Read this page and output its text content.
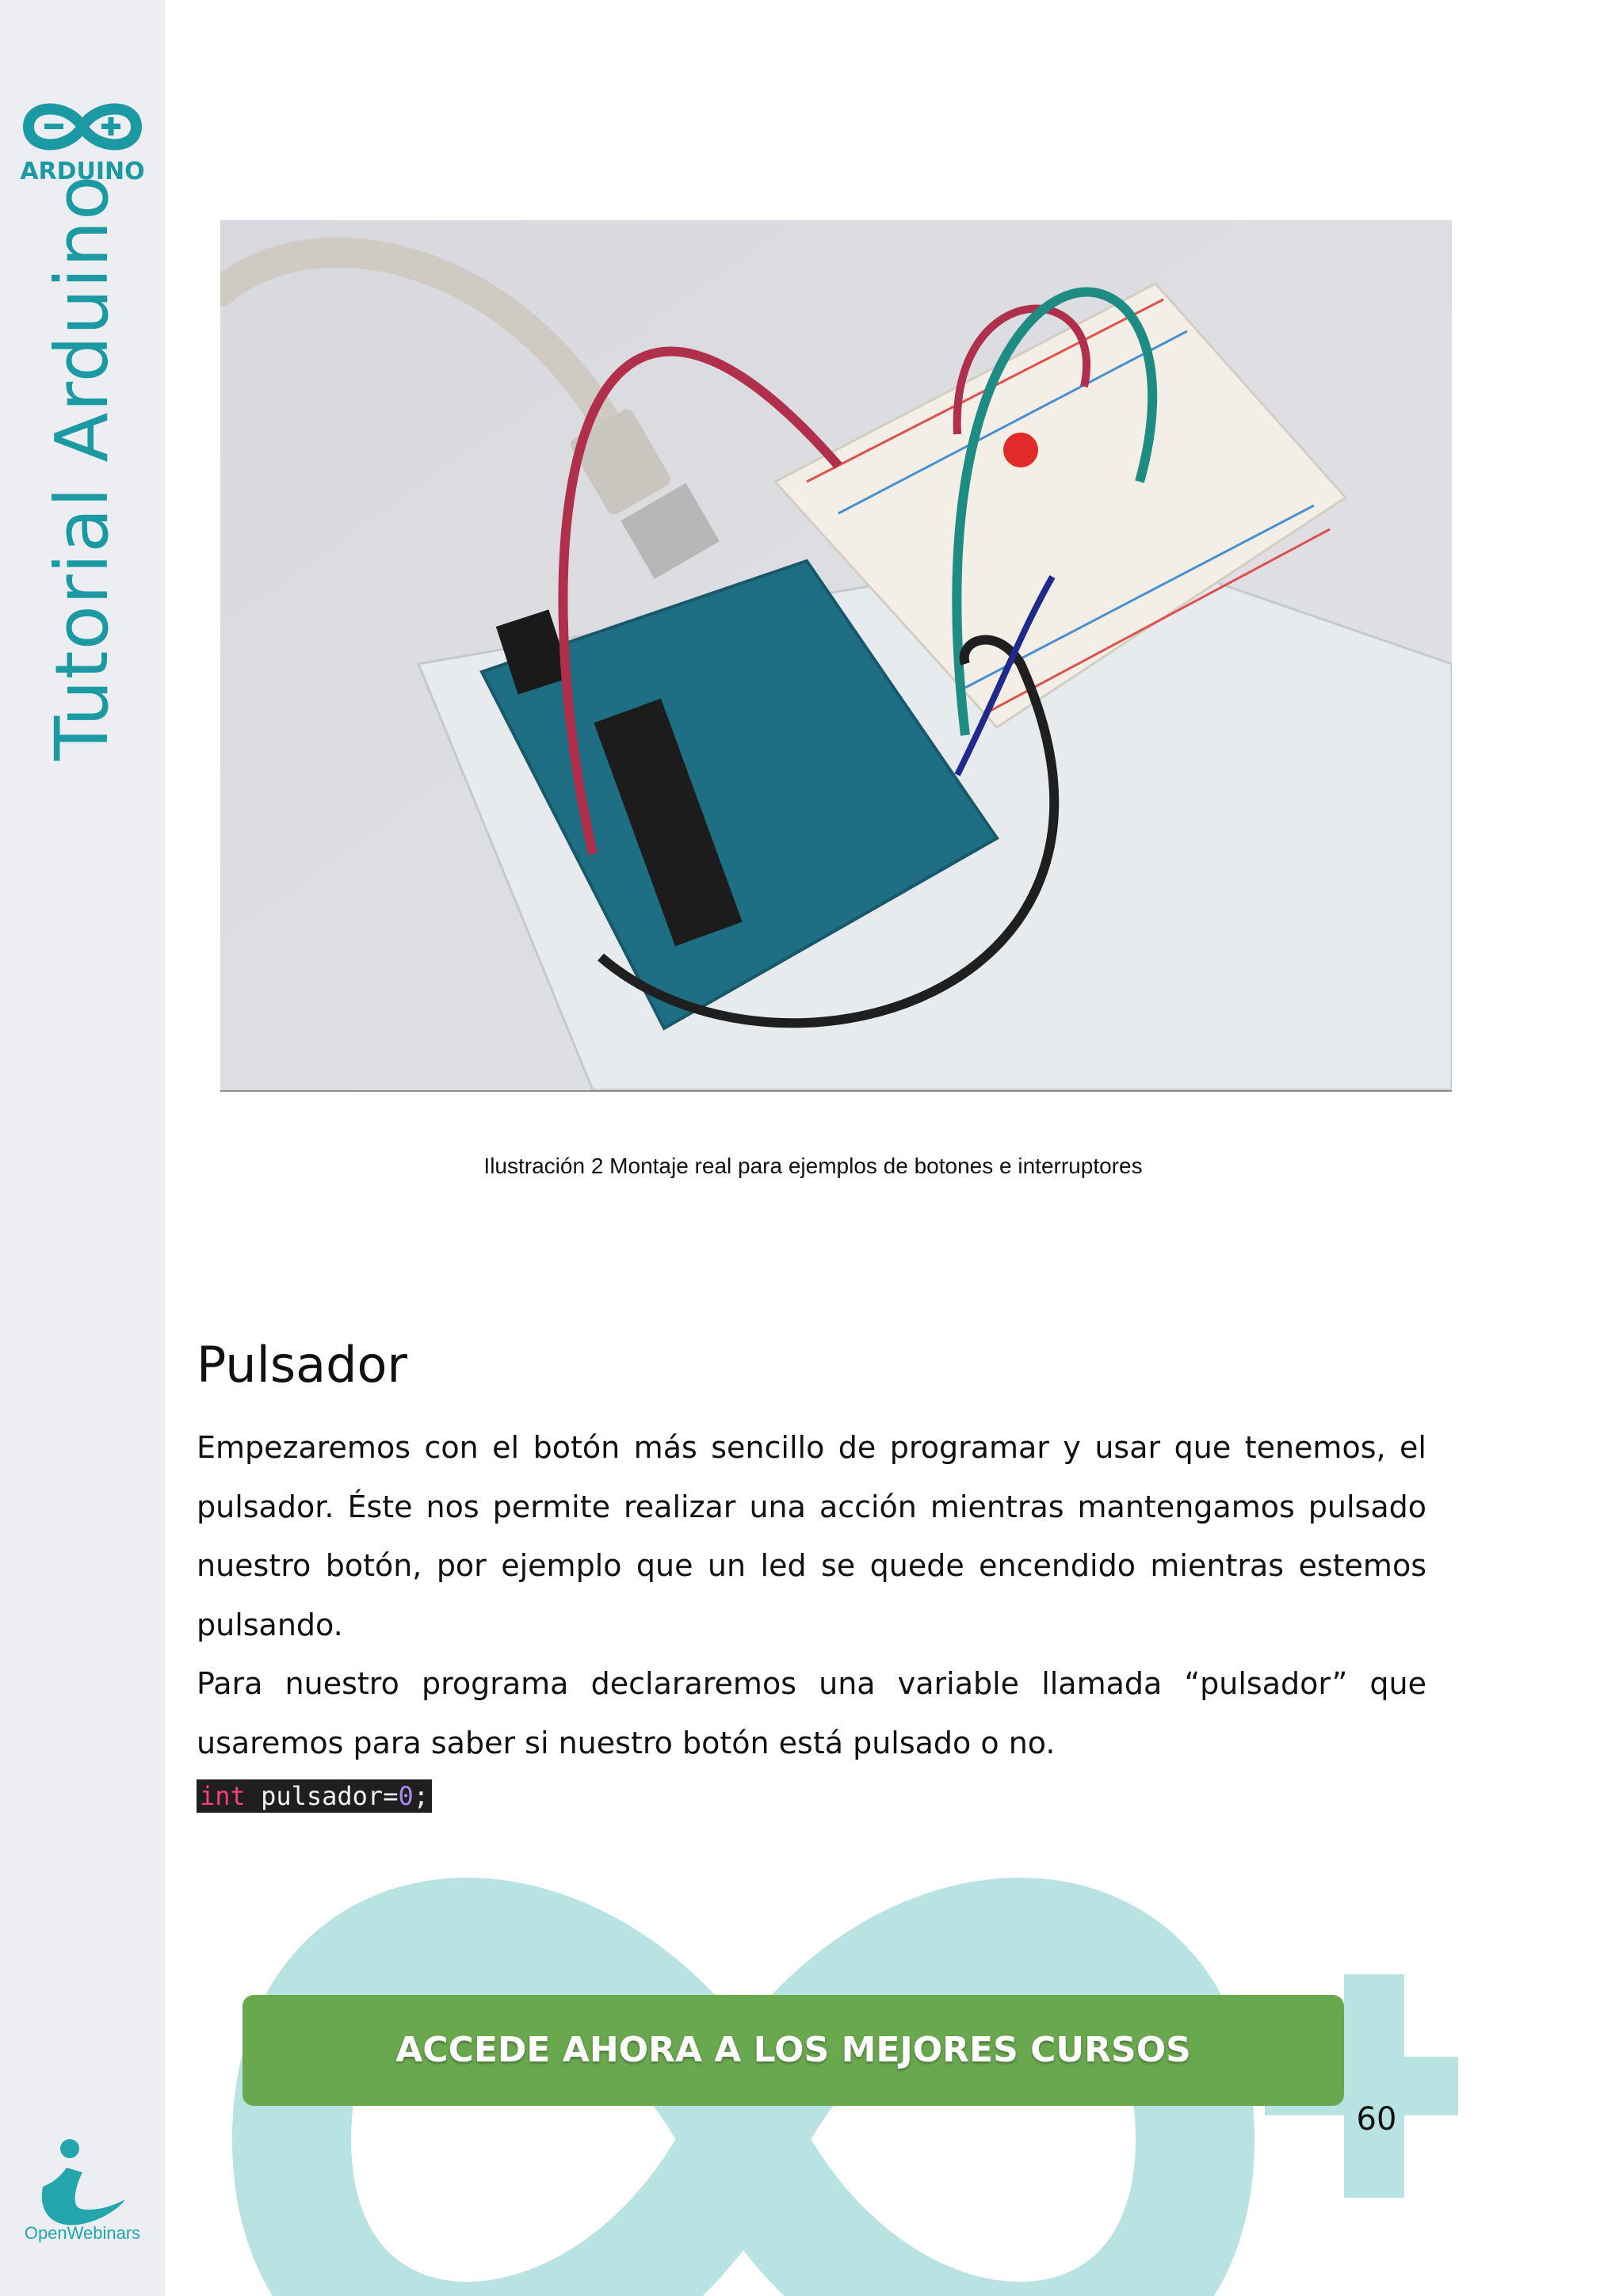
ARDUINO
Tutorial Arduino
OpenWebinars
Ilustración 2 Montaje real para ejemplos de botones e interruptores
Pulsador

Empezaremos con el botón más sencillo de programar y usar que tenemos, el pulsador. Éste nos permite realizar una acción mientras mantengamos pulsado nuestro botón, por ejemplo que un led se quede encendido mientras estemos pulsando.

Para nuestro programa declararemos una variable llamada “pulsador” que usaremos para saber si nuestro botón está pulsado o no.

int pulsador=0;
ACCEDE AHORA A LOS MEJORES CURSOS
60
